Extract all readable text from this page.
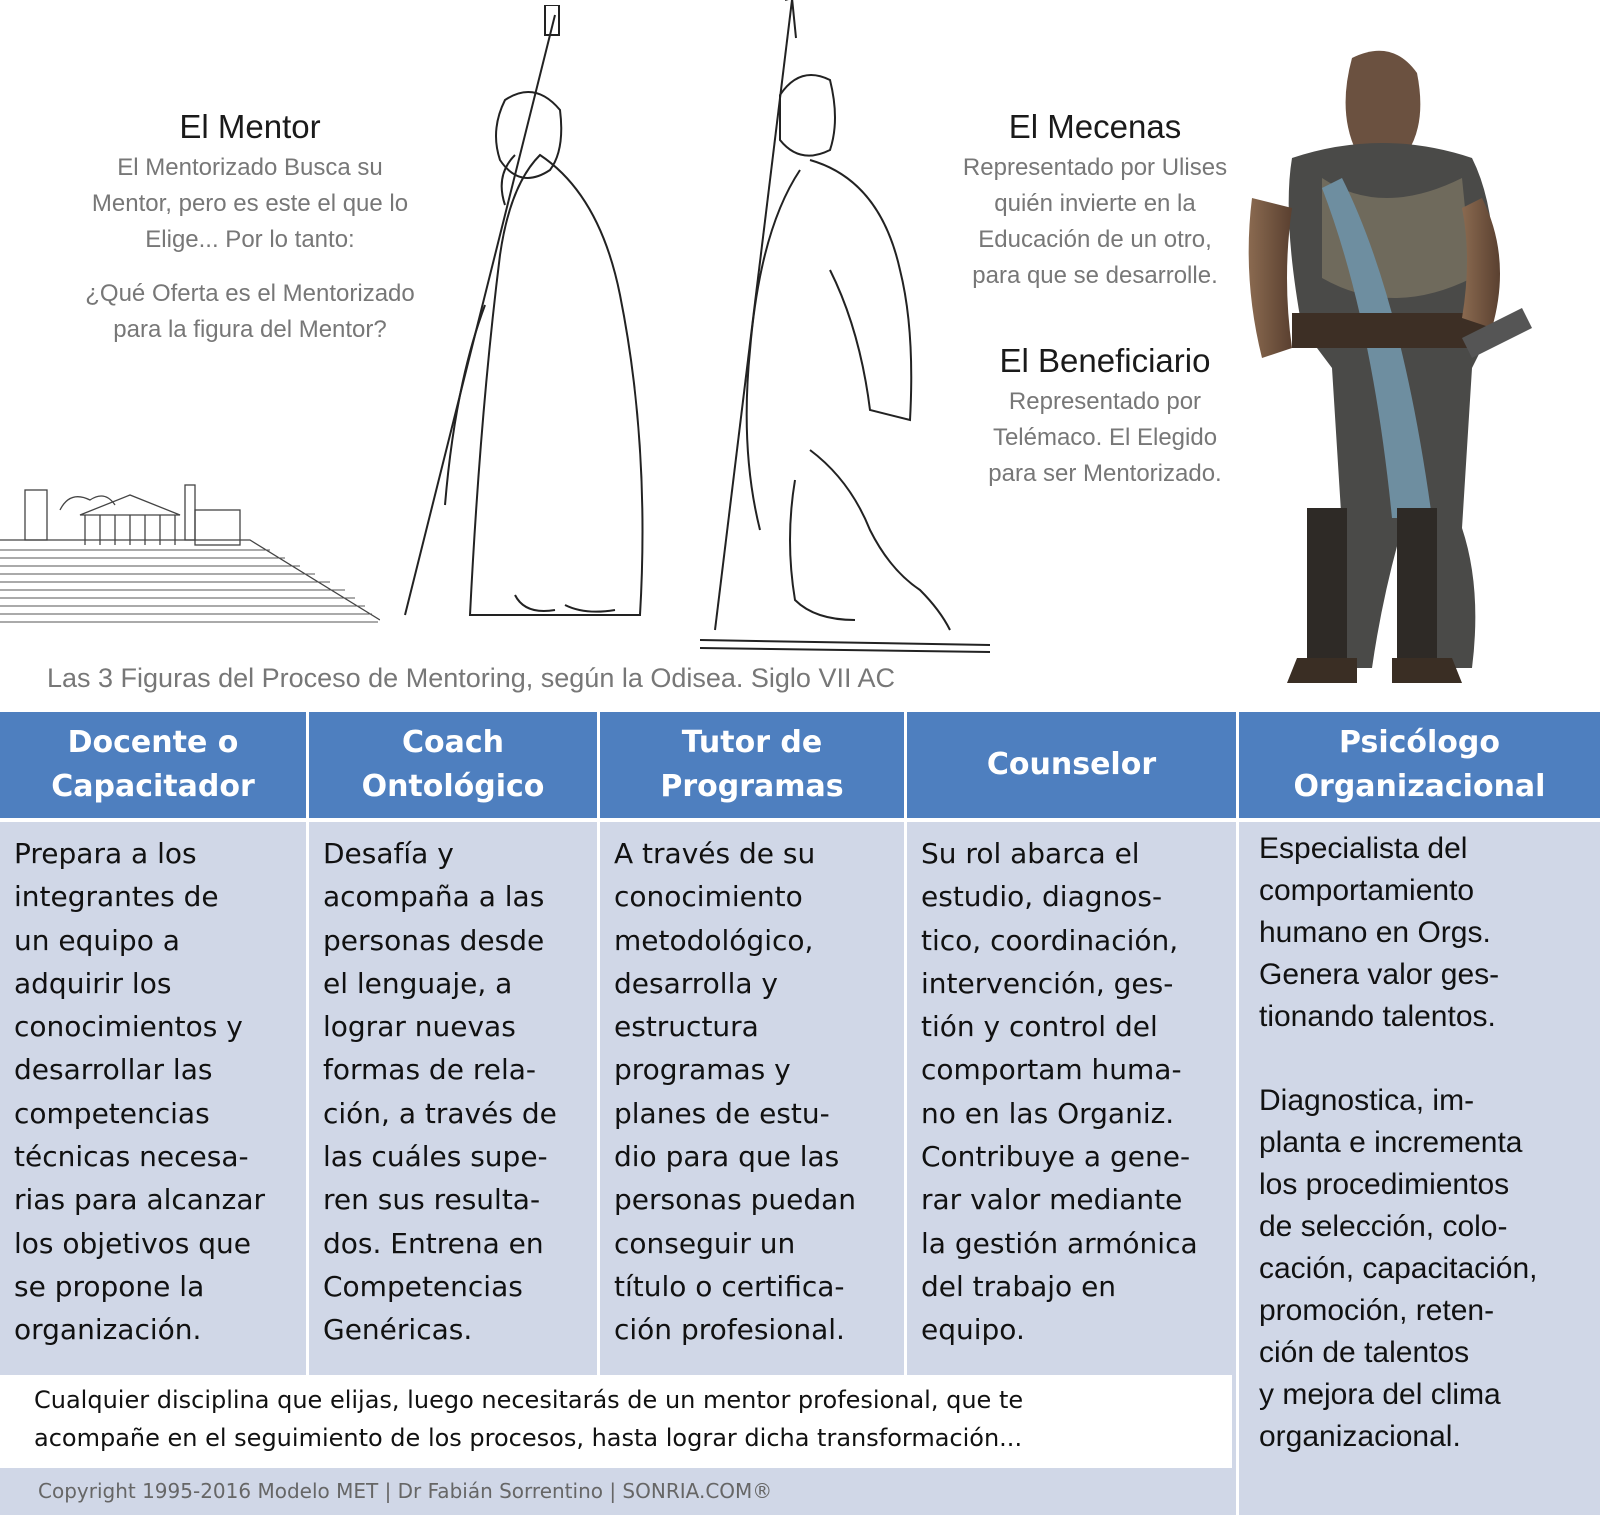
El Mentor
El Mentorizado Busca su
Mentor, pero es este el que lo
Elige... Por lo tanto:
¿Qué Oferta es el Mentorizado
para la figura del Mentor?
El Mecenas
Representado por Ulises
quién invierte en la
Educación de un otro,
para que se desarrolle.
El Beneficiario
Representado por
Telémaco. El Elegido
para ser Mentorizado.
Las 3 Figuras del Proceso de Mentoring, según la Odisea. Siglo VII AC
Docente o
Capacitador
Coach
Ontológico
Tutor de
Programas
Counselor
Psicólogo
Organizacional
Prepara a los
integrantes de
un equipo a
adquirir los
conocimientos y
desarrollar las
competencias
técnicas necesa-
rias para alcanzar
los objetivos que
se propone la
organización.
Desafía y
acompaña a las
personas desde
el lenguaje, a
lograr nuevas
formas de rela-
ción, a través de
las cuáles supe-
ren sus resulta-
dos. Entrena en
Competencias
Genéricas.
A través de su
conocimiento
metodológico,
desarrolla y
estructura
programas y
planes de estu-
dio para que las
personas puedan
conseguir un
título o certifica-
ción profesional.
Su rol abarca el
estudio, diagnos-
tico, coordinación,
intervención, ges-
tión y control del
comportam huma-
no en las Organiz.
Contribuye a gene-
rar valor mediante
la gestión armónica
del trabajo en
equipo.
Especialista del
comportamiento
humano en Orgs.
Genera valor ges-
tionando talentos.
Diagnostica, im-
planta e incrementa
los procedimientos
de selección, colo-
cación, capacitación,
promoción, reten-
ción de talentos
y mejora del clima
organizacional.
Cualquier disciplina que elijas, luego necesitarás de un mentor profesional, que te
acompañe en el seguimiento de los procesos, hasta lograr dicha transformación...
Copyright 1995-2016 Modelo MET | Dr Fabián Sorrentino | SONRIA.COM®
